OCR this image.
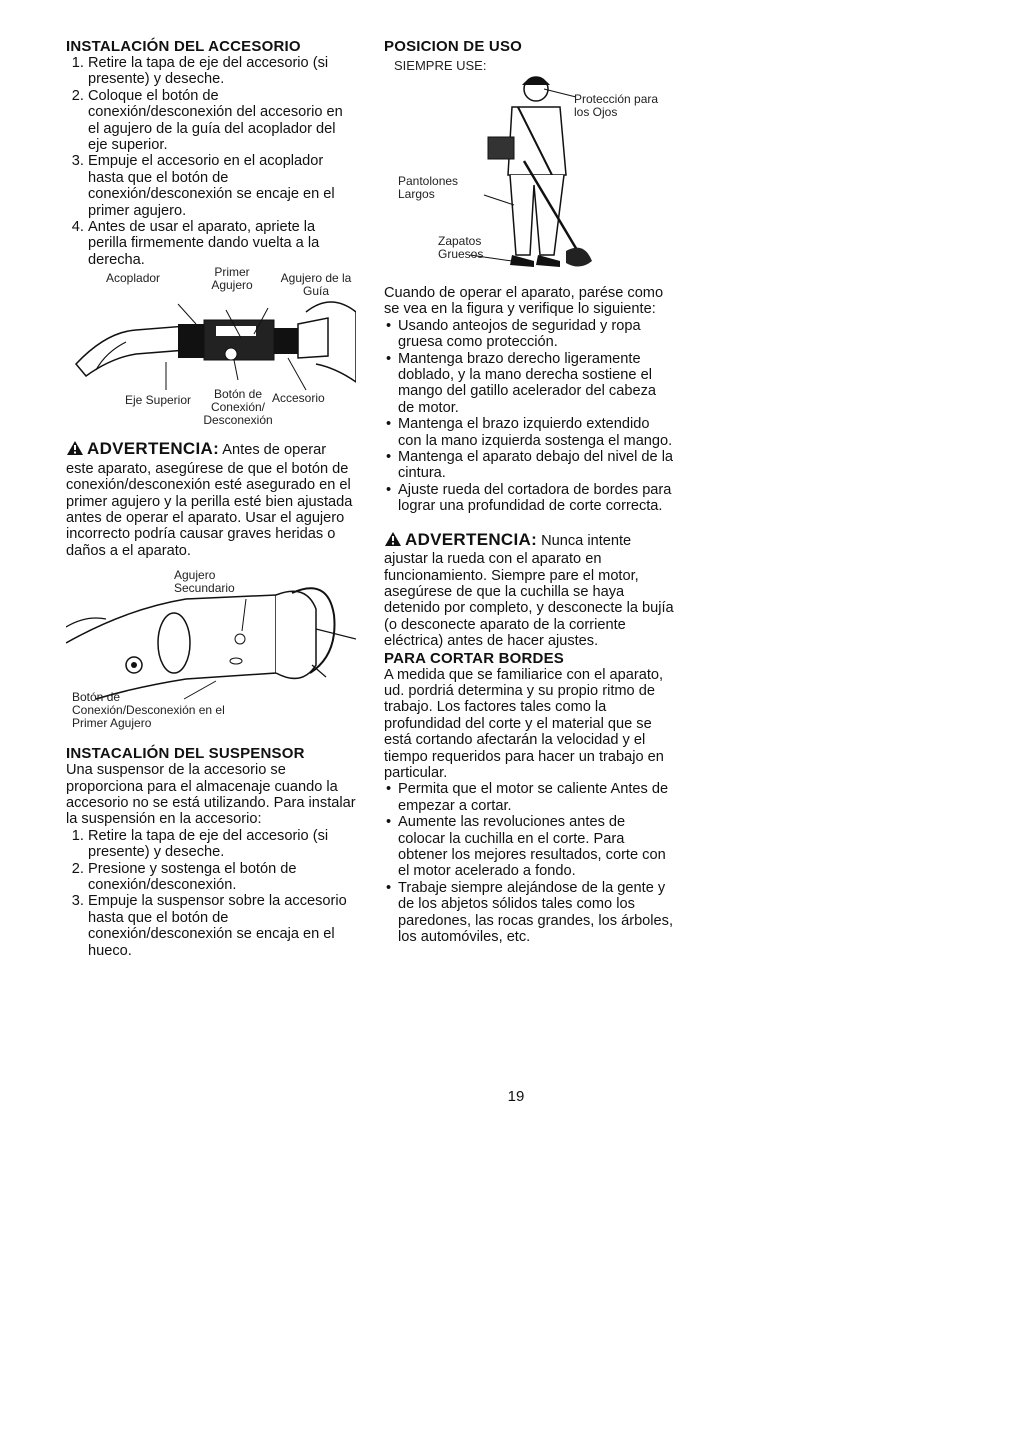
INSTALACIÓN DEL ACCESORIO
1. Retire la tapa de eje del accesorio (si presente) y deseche.
2. Coloque el botón de conexión/desconexión del accesorio en el agujero de la guía del acoplador del eje superior.
3. Empuje el accesorio en el acoplador hasta que el botón de conexión/desconexión se encaje en el primer agujero.
4. Antes de usar el aparato, apriete la perilla firmemente dando vuelta a la derecha.
Acoplador	Primer Agujero	Agujero de la Guía
Eje Superior	Botón de Conexión/ Desconexión
Accesorio

ADVERTENCIA: Antes de operar este aparato, asegúrese de que el botón de conexión/desconexión esté asegurado en el primer agujero y la perilla esté bien ajustada antes de operar el aparato. Usar el agujero incorrecto podría causar graves heridas o daños a el aparato.

Agujero Secundario
Botón de Conexión/Desconexión en el Primer Agujero
INSTACALIÓN DEL SUSPENSOR

Una suspensor de la accesorio se proporciona para el almacenaje cuando la accesorio no se está utilizando. Para instalar la suspensión en la accesorio:

1. Retire la tapa de eje del accesorio (si presente) y deseche.
2. Presione y sostenga el botón de conexión/desconexión.
3. Empuje la suspensor sobre la accesorio hasta que el botón de conexión/desconexión se encaja en el hueco.
POSICION DE USO
SIEMPRE USE:
Protección para los Ojos
Pantolones Largos
Zapatos Gruesos

Cuando de operar el aparato, parése como se vea en la figura y verifique lo siguiente:

• Usando anteojos de seguridad y ropa gruesa como protección.
• Mantenga brazo derecho ligeramente doblado, y la mano derecha sostiene el mango del gatillo acelerador del cabeza de motor.
• Mantenga el brazo izquierdo extendido con la mano izquierda sostenga el mango.
• Mantenga el aparato debajo del nivel de la cintura.
• Ajuste rueda del cortadora de bordes para lograr una profundidad de corte correcta.

ADVERTENCIA: Nunca intente ajustar la rueda con el aparato en funcionamiento. Siempre pare el motor, asegúrese de que la cuchilla se haya detenido por completo, y desconecte la bujía (o desconecte aparato de la corriente eléctrica) antes de hacer ajustes.

PARA CORTAR BORDES

A medida que se familiarice con el aparato, ud. pordriá determina y su propio ritmo de trabajo. Los factores tales como la profundidad del corte y el material que se está cortando afectarán la velocidad y el tiempo requeridos para hacer un trabajo en particular.

• Permita que el motor se caliente Antes de empezar a cortar.
• Aumente las revoluciones antes de colocar la cuchilla en el corte. Para obtener los mejores resultados, corte con el motor acelerado a fondo.
• Trabaje siempre alejándose de la gente y de los abjetos sólidos tales como los paredones, las rocas grandes, los árboles, los automóviles, etc.
19
